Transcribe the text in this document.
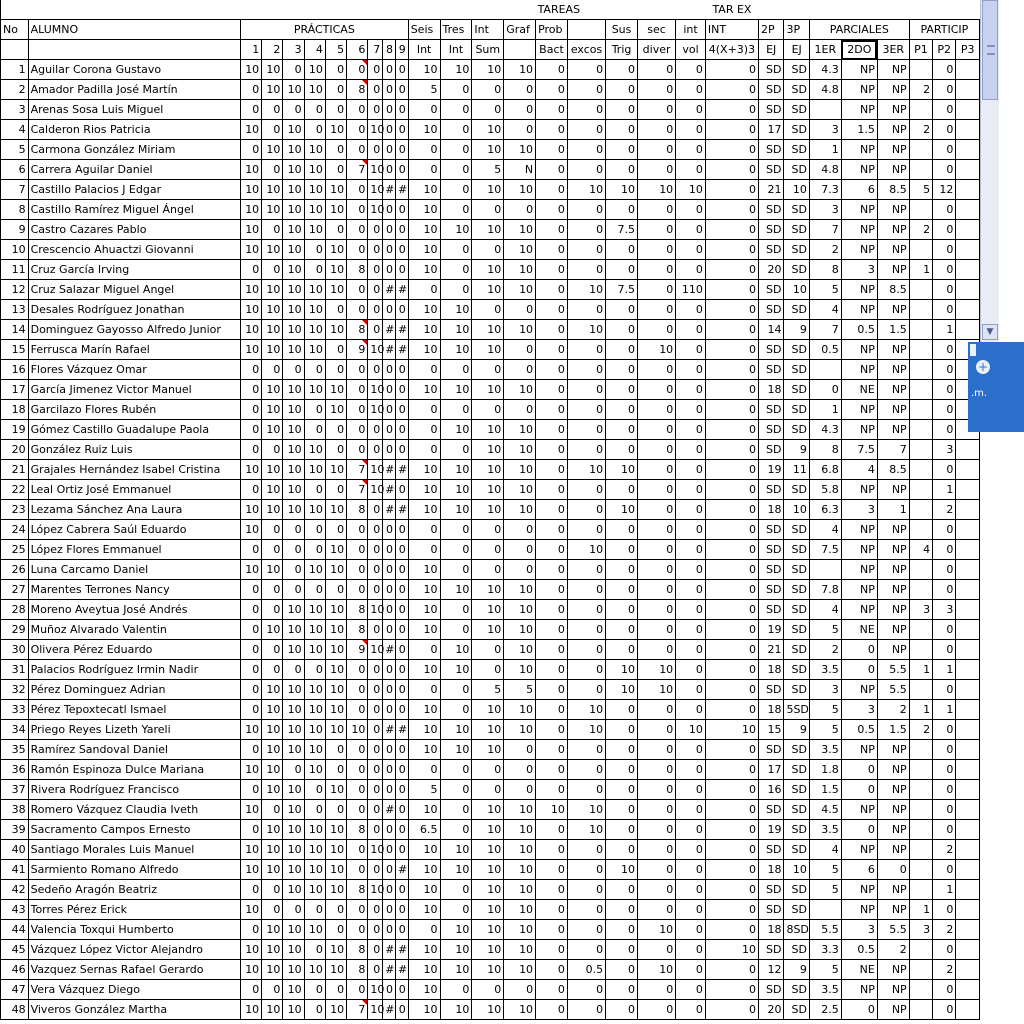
															TAREAS					TAR EX								
No	ALUMNO	PRÁCTICAS									Seis	Tres	Int	Graf	Prob		Sus	sec	int	INT	2P	3P	PARCIALES			PARTICIP		
		1	2	3	4	5	6	7	8	9	Int	Int	Sum		Bact	excos	Trig	diver	vol	4(X+3)3	EJ	EJ	1ER	2DO	3ER	P1	P2	P3
1	Aguilar Corona Gustavo	10	10	0	10	0	0	0	0	0	10	10	10	10	0	0	0	0	0	0	SD	SD	4.3	NP	NP		0	
2	Amador Padilla José Martín	0	10	10	10	0	8	0	0	0	5	0	0	0	0	0	0	0	0	0	SD	SD	4.8	NP	NP	2	0	
3	Arenas Sosa Luis Miguel	0	0	0	0	0	0	0	0	0	0	0	0	0	0	0	0	0	0	0	SD	SD		NP	NP		0	
4	Calderon Rios Patricia	10	0	10	0	10	0	10	0	0	10	0	10	0	0	0	0	0	0	0	17	SD	3	1.5	NP	2	0	
5	Carmona González Miriam	0	10	10	10	0	0	0	0	0	0	0	10	10	0	0	0	0	0	0	SD	SD	1	NP	NP		0	
6	Carrera Aguilar Daniel	10	0	10	10	0	7	10	0	0	0	0	5	N	0	0	0	0	0	0	SD	SD	4.8	NP	NP		0	
7	Castillo Palacios J Edgar	10	10	10	10	10	0	10	#	#	10	0	10	10	0	10	10	10	10	0	21	10	7.3	6	8.5	5	12	
8	Castillo Ramírez Miguel Ángel	10	10	10	10	10	0	10	0	0	10	0	0	0	0	0	0	0	0	0	SD	SD	3	NP	NP		0	
9	Castro Cazares Pablo	10	0	10	10	0	0	0	0	0	10	10	10	10	0	0	7.5	0	0	0	SD	SD	7	NP	NP	2	0	
10	Crescencio Ahuactzi Giovanni	10	10	10	0	10	0	0	0	0	10	0	0	10	0	0	0	0	0	0	SD	SD	2	NP	NP		0	
11	Cruz García Irving	0	0	10	0	10	8	0	0	0	10	0	10	10	0	0	0	0	0	0	20	SD	8	3	NP	1	0	
12	Cruz Salazar Miguel Angel	10	10	10	10	10	0	0	#	#	0	0	10	10	0	10	7.5	0	110	0	SD	10	5	NP	8.5		0	
13	Desales Rodríguez Jonathan	10	10	10	10	0	0	0	0	0	10	10	0	0	0	0	0	0	0	0	SD	SD	4	NP	NP		0	
14	Dominguez Gayosso Alfredo Junior	10	10	10	10	10	8	0	#	#	10	10	10	10	0	10	0	0	0	0	14	9	7	0.5	1.5		1	
15	Ferrusca Marín Rafael	10	10	10	10	0	9	10	#	#	10	10	10	0	0	0	0	10	0	0	SD	SD	0.5	NP	NP		0	
16	Flores Vázquez Omar	0	0	0	0	0	0	0	0	0	0	0	0	0	0	0	0	0	0	0	SD	SD		NP	NP		0	
17	García Jimenez Victor Manuel	0	10	10	10	10	0	10	0	0	10	10	10	10	0	0	0	0	0	0	18	SD	0	NE	NP		0	
18	Garcilazo Flores Rubén	0	10	10	0	10	0	10	0	0	0	0	0	0	0	0	0	0	0	0	SD	SD	1	NP	NP		0	
19	Gómez Castillo Guadalupe Paola	0	10	10	0	0	0	0	0	0	0	10	10	10	0	0	0	0	0	0	SD	SD	4.3	NP	NP		0	
20	González Ruiz Luis	0	0	10	10	0	0	0	0	0	0	0	10	10	0	0	0	0	0	0	SD	9	8	7.5	7		3	
21	Grajales Hernández Isabel Cristina	10	10	10	10	10	7	10	#	#	10	10	10	10	0	10	10	0	0	0	19	11	6.8	4	8.5		0	
22	Leal Ortiz José Emmanuel	0	10	10	0	0	7	10	#	0	10	10	10	10	0	0	0	0	0	0	SD	SD	5.8	NP	NP		1	
23	Lezama Sánchez Ana Laura	10	10	10	10	10	8	0	#	#	10	10	10	10	0	0	10	0	0	0	18	10	6.3	3	1		2	
24	López Cabrera Saúl Eduardo	10	0	0	0	0	0	0	0	0	0	0	0	0	0	0	0	0	0	0	SD	SD	4	NP	NP		0	
25	López Flores Emmanuel	0	0	0	0	10	0	0	0	0	0	0	0	0	0	10	0	0	0	0	SD	SD	7.5	NP	NP	4	0	
26	Luna Carcamo Daniel	10	10	0	10	10	0	0	0	0	10	0	0	0	0	0	0	0	0	0	SD	SD		NP	NP		0	
27	Marentes Terrones Nancy	0	0	0	0	0	0	0	0	0	10	10	10	10	0	0	0	0	0	0	SD	SD	7.8	NP	NP		0	
28	Moreno Aveytua José Andrés	0	0	10	10	10	8	10	0	0	10	0	10	10	0	0	0	0	0	0	SD	SD	4	NP	NP	3	3	
29	Muñoz Alvarado Valentin	0	10	10	10	10	8	0	0	0	10	0	10	10	0	0	0	0	0	0	19	SD	5	NE	NP		0	
30	Olivera Pérez Eduardo	0	0	10	10	10	9	10	#	0	0	10	0	10	0	0	0	0	0	0	21	SD	2	0	NP		0	
31	Palacios Rodríguez Irmin Nadir	0	0	0	0	10	0	0	0	0	10	10	0	10	0	0	10	10	0	0	18	SD	3.5	0	5.5	1	1	
32	Pérez Dominguez Adrian	0	10	10	10	10	0	0	0	0	0	0	5	5	0	0	10	10	0	0	SD	SD	3	NP	5.5		0	
33	Pérez Tepoxtecatl Ismael	0	10	10	10	10	0	0	0	0	10	0	10	10	0	10	0	0	0	0	18	5SD	5	3	2	1	1	
34	Priego Reyes Lizeth Yareli	10	10	10	10	10	10	0	#	#	10	10	10	10	0	10	0	0	10	10	15	9	5	0.5	1.5	2	0	
35	Ramírez Sandoval Daniel	0	10	10	10	0	0	0	0	0	10	10	10	0	0	0	0	0	0	0	SD	SD	3.5	NP	NP		0	
36	Ramón Espinoza Dulce Mariana	10	10	0	10	0	0	0	0	0	0	0	0	0	0	0	0	0	0	0	17	SD	1.8	0	NP		0	
37	Rivera Rodríguez Francisco	0	10	10	0	10	0	0	0	0	5	0	0	0	0	0	0	0	0	0	16	SD	1.5	0	NP		0	
38	Romero Vázquez Claudia Iveth	10	0	10	0	0	0	0	#	0	10	0	10	10	10	10	0	0	0	0	SD	SD	4.5	NP	NP		0	
39	Sacramento Campos Ernesto	0	10	10	10	10	8	0	0	0	6.5	0	10	10	0	10	0	0	0	0	19	SD	3.5	0	NP		0	
40	Santiago Morales Luis Manuel	10	10	10	10	10	0	10	0	0	10	10	10	10	0	0	0	0	0	0	SD	SD	4	NP	NP		2	
41	Sarmiento Romano Alfredo	10	10	10	10	10	0	0	0	#	10	10	10	10	0	0	10	0	0	0	18	10	5	6	0		0	
42	Sedeño Aragón Beatriz	0	0	10	10	10	8	10	0	0	10	0	10	10	0	0	0	0	0	0	SD	SD	5	NP	NP		1	
43	Torres Pérez Erick	10	0	0	0	0	0	0	0	0	10	0	10	10	0	0	0	0	0	0	SD	SD		NP	NP	1	0	
44	Valencia Toxqui Humberto	0	10	10	10	0	0	0	0	0	0	10	10	10	0	0	0	10	0	0	18	8SD	5.5	3	5.5	3	2	
45	Vázquez López Victor Alejandro	10	10	10	0	10	8	0	#	#	10	10	10	10	0	0	0	0	0	10	SD	SD	3.3	0.5	2		0	
46	Vazquez Sernas Rafael Gerardo	10	10	10	10	10	8	0	#	#	10	10	10	10	0	0.5	0	10	0	0	12	9	5	NE	NP		2	
47	Vera Vázquez Diego	0	0	10	0	0	0	10	0	0	10	0	0	0	0	0	0	0	0	0	SD	SD	3.5	NP	NP		0	
48	Viveros González Martha	10	10	10	0	10	7	10	#	0	10	10	10	10	0	0	0	0	0	0	20	SD	2.5	0	NP		0	
▼
+
.m.
